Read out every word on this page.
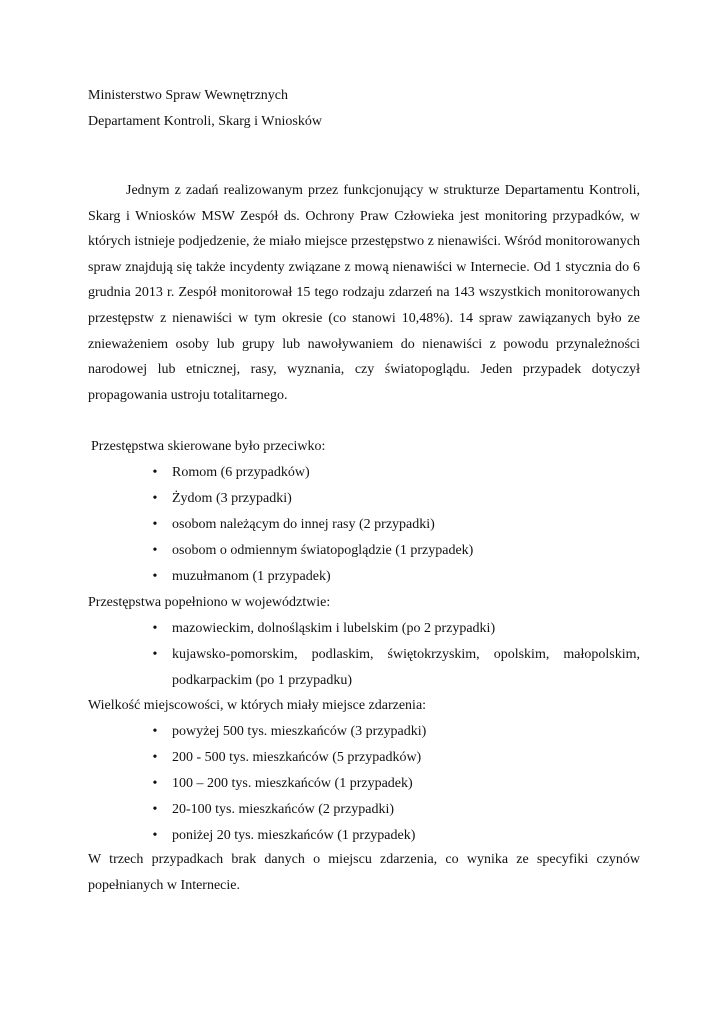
Ministerstwo Spraw Wewnętrznych
Departament Kontroli, Skarg i Wniosków

Jednym z zadań realizowanym przez funkcjonujący w strukturze Departamentu Kontroli, Skarg i Wniosków MSW Zespół ds. Ochrony Praw Człowieka jest monitoring przypadków, w których istnieje podjedzenie, że miało miejsce przestępstwo z nienawiści. Wśród monitorowanych spraw znajdują się także incydenty związane z mową nienawiści w Internecie. Od 1 stycznia do 6 grudnia 2013 r. Zespół monitorował 15 tego rodzaju zdarzeń na 143 wszystkich monitorowanych przestępstw z nienawiści w tym okresie (co stanowi 10,48%). 14 spraw zawiązanych było ze znieważeniem osoby lub grupy lub nawoływaniem do nienawiści z powodu przynależności narodowej lub etnicznej, rasy, wyznania, czy światopoglądu. Jeden przypadek dotyczył propagowania ustroju totalitarnego.

Przestępstwa skierowane było przeciwko:
• Romom (6 przypadków)
• Żydom (3 przypadki)
• osobom należącym do innej rasy (2 przypadki)
• osobom o odmiennym światopoglądzie (1 przypadek)
• muzułmanom (1 przypadek)
Przestępstwa popełniono w województwie:
• mazowieckim, dolnośląskim i lubelskim (po 2 przypadki)
• kujawsko-pomorskim, podlaskim, świętokrzyskim, opolskim, małopolskim, podkarpackim (po 1 przypadku)
Wielkość miejscowości, w których miały miejsce zdarzenia:
• powyżej 500 tys. mieszkańców (3 przypadki)
• 200 - 500 tys. mieszkańców (5 przypadków)
• 100 – 200 tys. mieszkańców (1 przypadek)
• 20-100 tys. mieszkańców (2 przypadki)
• poniżej 20 tys. mieszkańców (1 przypadek)
W trzech przypadkach brak danych o miejscu zdarzenia, co wynika ze specyfiki czynów popełnianych w Internecie.
